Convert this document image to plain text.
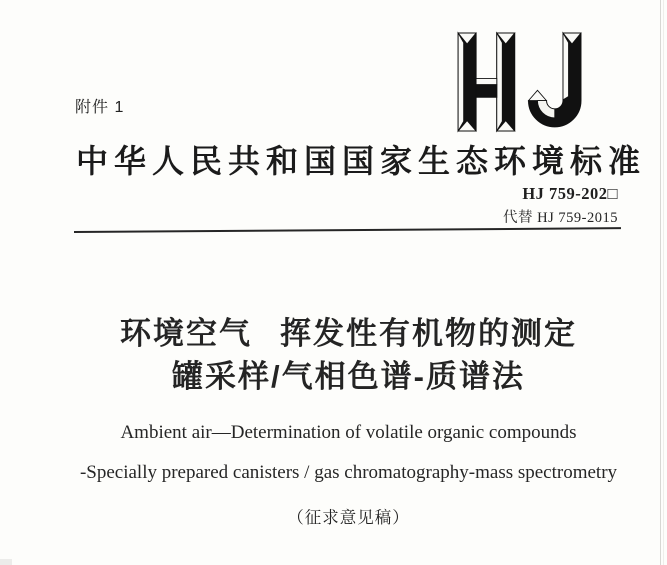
附件 1
中华人民共和国国家生态环境标准
HJ 759-202□
代替 HJ 759-2015
环境空气 挥发性有机物的测定
罐采样/气相色谱-质谱法
Ambient air—Determination of volatile organic compounds
-Specially prepared canisters / gas chromatography-mass spectrometry
（征求意见稿）
